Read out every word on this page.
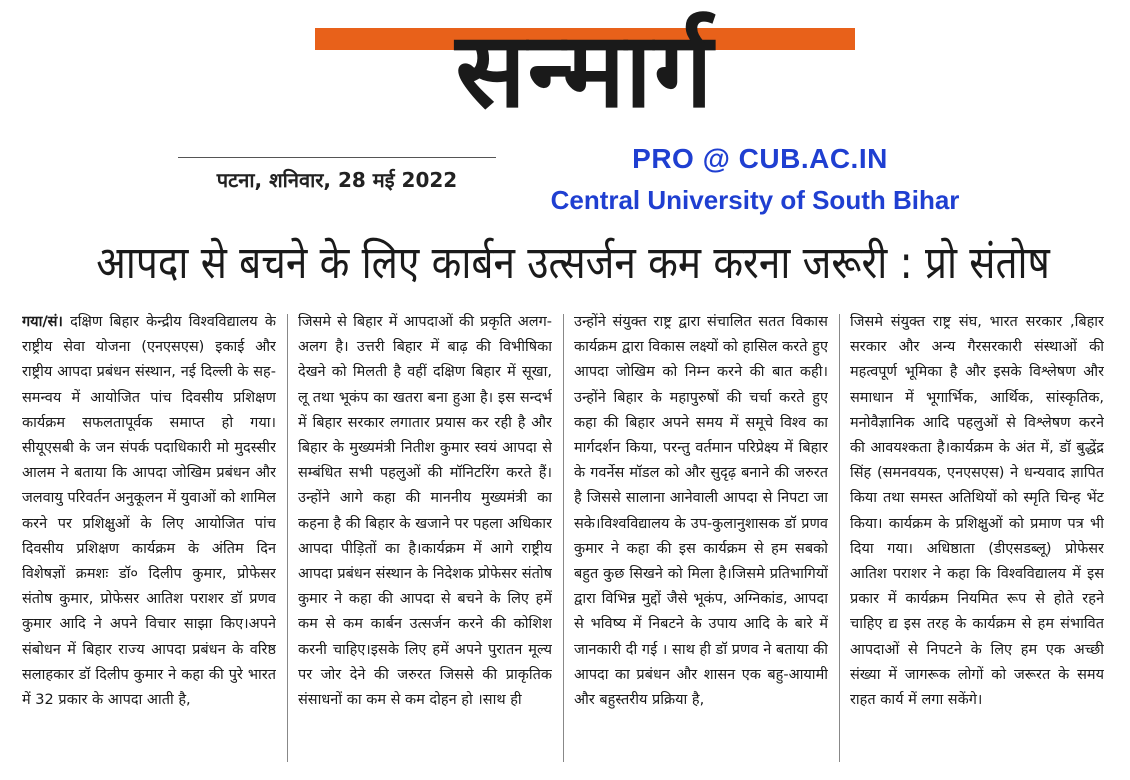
सन्मार्ग
पटना, शनिवार, 28 मई 2022
PRO @ CUB.AC.IN
Central University of South Bihar
आपदा से बचने के लिए कार्बन उत्सर्जन कम करना जरूरी : प्रो संतोष
गया/सं। दक्षिण बिहार केन्द्रीय विश्वविद्यालय के राष्ट्रीय सेवा योजना (एनएसएस) इकाई और राष्ट्रीय आपदा प्रबंधन संस्थान, नई दिल्ली के सह-समन्वय में आयोजित पांच दिवसीय प्रशिक्षण कार्यक्रम सफलतापूर्वक समाप्त हो गया। सीयूएसबी के जन संपर्क पदाधिकारी मो मुदस्सीर आलम ने बताया कि आपदा जोखिम प्रबंधन और जलवायु परिवर्तन अनुकूलन में युवाओं को शामिल करने पर प्रशिक्षुओं के लिए आयोजित पांच दिवसीय प्रशिक्षण कार्यक्रम के अंतिम दिन विशेषज्ञों क्रमशः डॉ० दिलीप कुमार, प्रोफेसर संतोष कुमार, प्रोफेसर आतिश पराशर डॉ प्रणव कुमार आदि ने अपने विचार साझा किए।अपने संबोधन में बिहार राज्य आपदा प्रबंधन के वरिष्ठ सलाहकार डॉ दिलीप कुमार ने कहा की पुरे भारत में 32 प्रकार के आपदा आती है,
जिसमे से बिहार में आपदाओं की प्रकृति अलग-अलग है। उत्तरी बिहार में बाढ़ की विभीषिका देखने को मिलती है वहीं दक्षिण बिहार में सूखा, लू तथा भूकंप का खतरा बना हुआ है। इस सन्दर्भ में बिहार सरकार लगातार प्रयास कर रही है और बिहार के मुख्यमंत्री नितीश कुमार स्वयं आपदा से सम्बंधित सभी पहलुओं की मॉनिटरिंग करते हैं। उन्होंने आगे कहा की माननीय मुख्यमंत्री का कहना है की बिहार के खजाने पर पहला अधिकार आपदा पीड़ितों का है।कार्यक्रम में आगे राष्ट्रीय आपदा प्रबंधन संस्थान के निदेशक प्रोफेसर संतोष कुमार ने कहा की आपदा से बचने के लिए हमें कम से कम कार्बन उत्सर्जन करने की कोशिश करनी चाहिए।इसके लिए हमें अपने पुरातन मूल्य पर जोर देने की जरुरत जिससे की प्राकृतिक संसाधनों का कम से कम दोहन हो ।साथ ही
उन्होंने संयुक्त राष्ट्र द्वारा संचालित सतत विकास कार्यक्रम द्वारा विकास लक्ष्यों को हासिल करते हुए आपदा जोखिम को निम्न करने की बात कही। उन्होंने बिहार के महापुरुषों की चर्चा करते हुए कहा की बिहार अपने समय में समूचे विश्व का मार्गदर्शन किया, परन्तु वर्तमान परिप्रेक्ष्य में बिहार के गवर्नेस मॉडल को और सुदृढ़ बनाने की जरुरत है जिससे सालाना आनेवाली आपदा से निपटा जा सके।विश्वविद्यालय के उप-कुलानुशासक डॉ प्रणव कुमार ने कहा की इस कार्यक्रम से हम सबको बहुत कुछ सिखने को मिला है।जिसमे प्रतिभागियों द्वारा विभिन्न मुद्दों जैसे भूकंप, अग्निकांड, आपदा से भविष्य में निबटने के उपाय आदि के बारे में जानकारी दी गई । साथ ही डॉ प्रणव ने बताया की आपदा का प्रबंधन और शासन एक बहु-आयामी और बहुस्तरीय प्रक्रिया है,
जिसमे संयुक्त राष्ट्र संघ, भारत सरकार ,बिहार सरकार और अन्य गैरसरकारी संस्थाओं की महत्वपूर्ण भूमिका है और इसके विश्लेषण और समाधान में भूगार्भिक, आर्थिक, सांस्कृतिक, मनोवैज्ञानिक आदि पहलुओं से विश्लेषण करने की आवयश्कता है।कार्यक्रम के अंत में, डॉ बुद्धेंद्र सिंह (समनवयक, एनएसएस) ने धन्यवाद ज्ञापित किया तथा समस्त अतिथियों को स्मृति चिन्ह भेंट किया। कार्यक्रम के प्रशिक्षुओं को प्रमाण पत्र भी दिया गया। अधिष्ठाता (डीएसडब्लू) प्रोफेसर आतिश पराशर ने कहा कि विश्वविद्यालय में इस प्रकार में कार्यक्रम नियमित रूप से होते रहने चाहिए द्य इस तरह के कार्यक्रम से हम संभावित आपदाओं से निपटने के लिए हम एक अच्छी संख्या में जागरूक लोगों को जरूरत के समय राहत कार्य में लगा सकेंगे।
